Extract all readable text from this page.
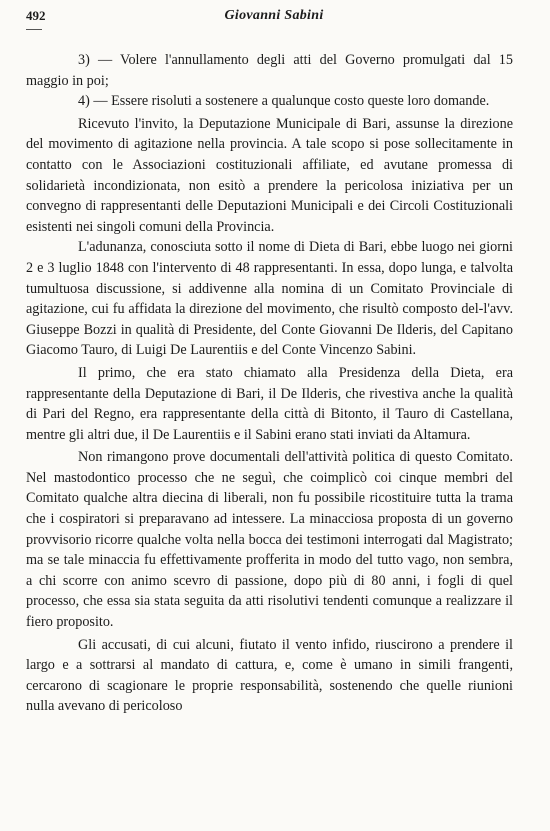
492	Giovanni Sabini

3) — Volere l'annullamento degli atti del Governo promulgati dal 15 maggio in poi;

4) — Essere risoluti a sostenere a qualunque costo queste loro domande.

Ricevuto l'invito, la Deputazione Municipale di Bari, assunse la direzione del movimento di agitazione nella provincia. A tale scopo si pose sollecitamente in contatto con le Associazioni costituzionali affiliate, ed avutane promessa di solidarietà incondizionata, non esitò a prendere la pericolosa iniziativa per un convegno di rappresentanti delle Deputazioni Municipali e dei Circoli Costituzionali esistenti nei singoli comuni della Provincia.

L'adunanza, conosciuta sotto il nome di Dieta di Bari, ebbe luogo nei giorni 2 e 3 luglio 1848 con l'intervento di 48 rappresentanti. In essa, dopo lunga, e talvolta tumultuosa discussione, si addivenne alla nomina di un Comitato Provinciale di agitazione, cui fu affidata la direzione del movimento, che risultò composto del-l'avv. Giuseppe Bozzi in qualità di Presidente, del Conte Giovanni De Ilderis, del Capitano Giacomo Tauro, di Luigi De Laurentiis e del Conte Vincenzo Sabini.

Il primo, che era stato chiamato alla Presidenza della Dieta, era rappresentante della Deputazione di Bari, il De Ilderis, che rivestiva anche la qualità di Pari del Regno, era rappresentante della città di Bitonto, il Tauro di Castellana, mentre gli altri due, il De Laurentiis e il Sabini erano stati inviati da Altamura.

Non rimangono prove documentali dell'attività politica di questo Comitato. Nel mastodontico processo che ne seguì, che coimplicò coi cinque membri del Comitato qualche altra diecina di liberali, non fu possibile ricostituire tutta la trama che i cospiratori si preparavano ad intessere. La minacciosa proposta di un governo provvisorio ricorre qualche volta nella bocca dei testimoni interrogati dal Magistrato; ma se tale minaccia fu effettivamente profferita in modo del tutto vago, non sembra, a chi scorre con animo scevro di passione, dopo più di 80 anni, i fogli di quel processo, che essa sia stata seguita da atti risolutivi tendenti comunque a realizzare il fiero proposito.

Gli accusati, di cui alcuni, fiutato il vento infido, riuscirono a prendere il largo e a sottrarsi al mandato di cattura, e, come è umano in simili frangenti, cercarono di scagionare le proprie responsabilità, sostenendo che quelle riunioni nulla avevano di pericoloso
